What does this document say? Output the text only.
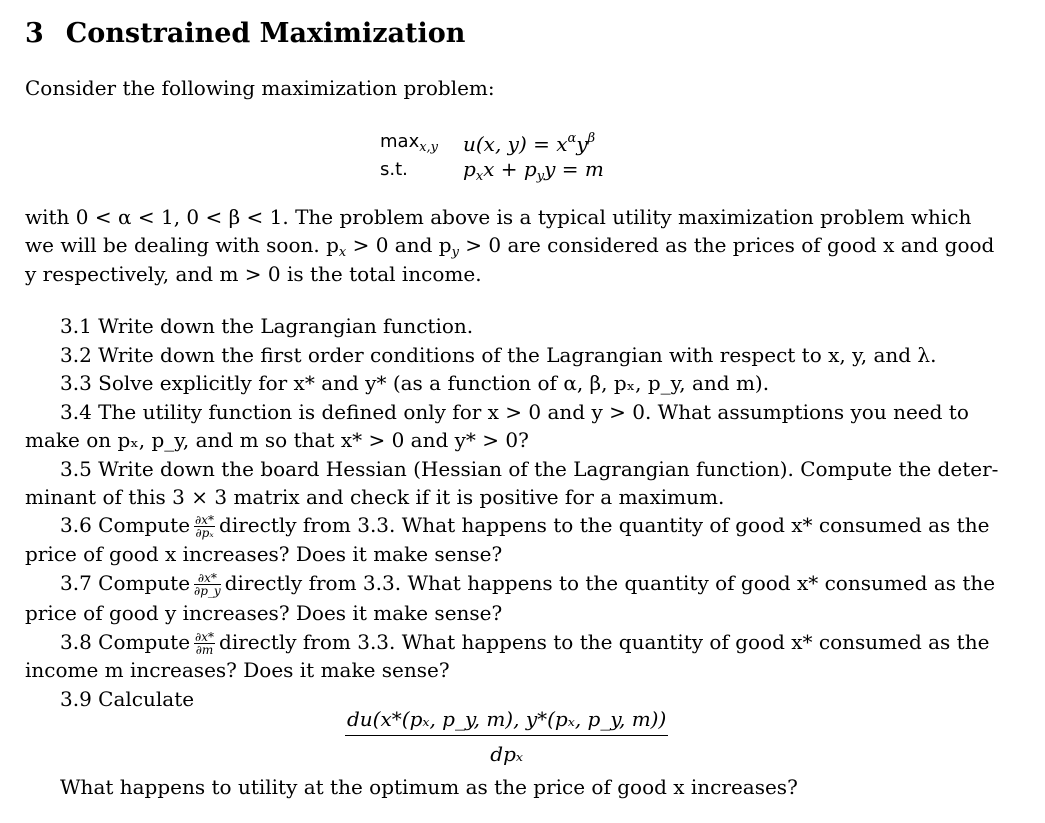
3 Constrained Maximization
Consider the following maximization problem:
$\max_{x,y} u(x$, $y) = x^\alpha y^\beta$
s.t.	$p_xx + p_yy = m$
with 0 < α < 1, 0 < β < 1. The problem above is a typical utility maximization problem which
we will be dealing with soon. $p_x > 0$ and $p_y > 0$ are considered as the prices of good x and good
y respectively, and m > 0 is the total income.
3.1 Write down the Lagrangian function.
3.2 Write down the first order conditions of the Lagrangian with respect to x, y, and λ.
3.3 Solve explicitly for x* and y* (as a function of α, β, pₓ, p_y, and m).
3.4 The utility function is defined only for x > 0 and y > 0. What assumptions you need to
make on pₓ, p_y, and m so that x* > 0 and y* > 0?
3.5 Write down the board Hessian (Hessian of the Lagrangian function). Compute the deter-
minant of this 3 × 3 matrix and check if it is positive for a maximum.
3.6 Compute $\frac{\partial x*}{\text{∂pₓ}}$ directly from 3.3. What happens to the quantity of good x* consumed as the
price of good x increases? Does it make sense?
3.7 Compute $\frac{\partial x*}{\partial p\_y}$ directly from 3.3. What happens to the quantity of good x* consumed as the
price of good y increases? Does it make sense?
3.8 Compute $\frac{\partial x*}{\partial m}$ directly from 3.3. What happens to the quantity of good x* consumed as the
income m increases? Does it make sense?
3.9 Calculate
du(x*(pₓ, p_y, m), y*(pₓ, p_y, m))
dpₓ
What happens to utility at the optimum as the price of good x increases?
